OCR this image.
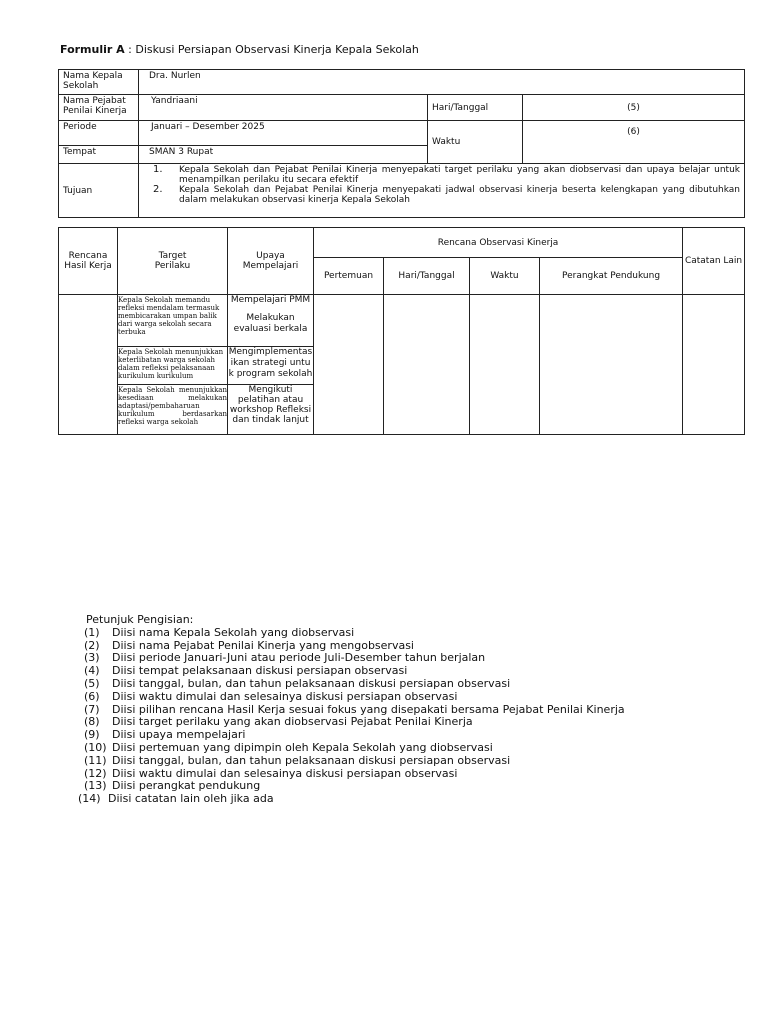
Formulir A : Diskusi Persiapan Observasi Kinerja Kepala Sekolah
Nama Kepala Sekolah	Dra. Nurlen		
Nama Pejabat Penilai Kinerja	Yandriaani	Hari/Tanggal	(5)
Periode	Januari – Desember 2025	Waktu	(6)
Tempat	SMAN 3 Rupat		
Tujuan	1. Kepala Sekolah dan Pejabat Penilai Kinerja menyepakati target perilaku yang akan diobservasi dan upaya belajar untuk menampilkan perilaku itu secara efektif
2. Kepala Sekolah dan Pejabat Penilai Kinerja menyepakati jadwal observasi kinerja beserta kelengkapan yang dibutuhkan dalam melakukan observasi kinerja Kepala Sekolah		
Rencana Hasil Kerja	Target Perilaku	Upaya Mempelajari	Rencana Observasi Kinerja				Catatan Lain
			Pertemuan	Hari/Tanggal	Waktu	Perangkat Pendukung	
	Kepala Sekolah memandu refleksi mendalam termasuk membicarakan umpan balik dari warga sekolah secara terbuka	Mempelajari PMM
Melakukan evaluasi berkala					

	Kepala Sekolah menunjukkan keterlibatan warga sekolah dalam refleksi pelaksanaan kurikulum kurikulum	Mengimplementasikan strategi untuk program sekolah					
	Kepala Sekolah menunjukkan kesediaan melakukan adaptasi/pembaharuan kurikulum berdasarkan refleksi warga sekolah	Mengikuti pelatihan atau workshop Refleksi dan tindak lanjut					
Petunjuk Pengisian:
(1)	Diisi nama Kepala Sekolah yang diobservasi
(2)	Diisi nama Pejabat Penilai Kinerja yang mengobservasi
(3)	Diisi periode Januari-Juni atau periode Juli-Desember tahun berjalan
(4)	Diisi tempat pelaksanaan diskusi persiapan observasi
(5)	Diisi tanggal, bulan, dan tahun pelaksanaan diskusi persiapan observasi
(6)	Diisi waktu dimulai dan selesainya diskusi persiapan observasi
(7)	Diisi pilihan rencana Hasil Kerja sesuai fokus yang disepakati bersama Pejabat Penilai Kinerja
(8)	Diisi target perilaku yang akan diobservasi Pejabat Penilai Kinerja
(9)	Diisi upaya mempelajari
(10) Diisi pertemuan yang dipimpin oleh Kepala Sekolah yang diobservasi
(11) Diisi tanggal, bulan, dan tahun pelaksanaan diskusi persiapan observasi
(12) Diisi waktu dimulai dan selesainya diskusi persiapan observasi
(13) Diisi perangkat pendukung
(14) Diisi catatan lain oleh jika ada
